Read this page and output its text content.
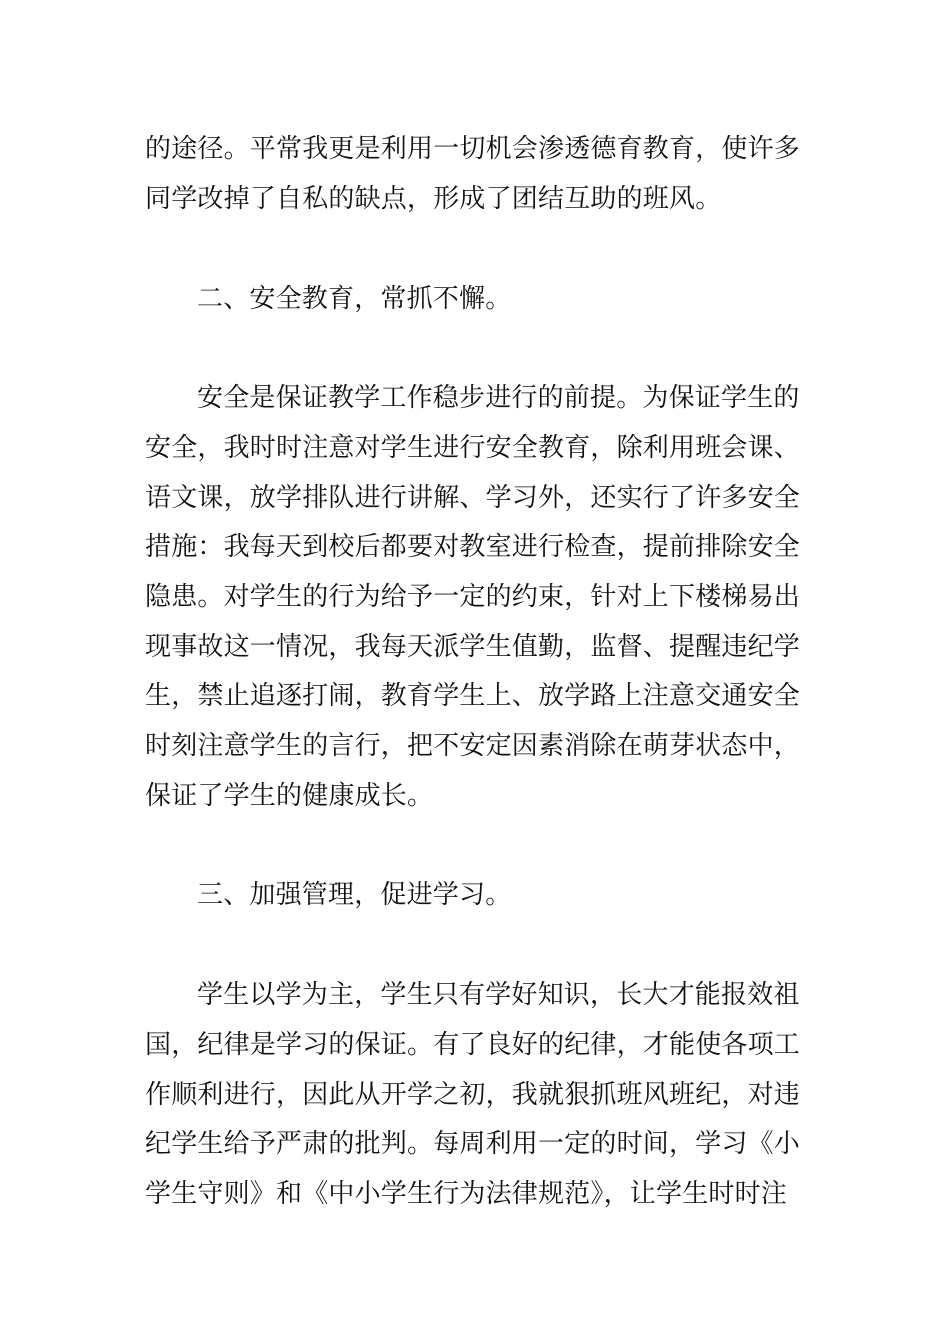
的途径。平常我更是利用一切机会渗透德育教育，使许多
同学改掉了自私的缺点，形成了团结互助的班风。
二、安全教育，常抓不懈。
安全是保证教学工作稳步进行的前提。为保证学生的
安全，我时时注意对学生进行安全教育，除利用班会课、
语文课，放学排队进行讲解、学习外，还实行了许多安全
措施：我每天到校后都要对教室进行检查，提前排除安全
隐患。对学生的行为给予一定的约束，针对上下楼梯易出
现事故这一情况，我每天派学生值勤，监督、提醒违纪学
生，禁止追逐打闹，教育学生上、放学路上注意交通安全
时刻注意学生的言行，把不安定因素消除在萌芽状态中，
保证了学生的健康成长。
三、加强管理，促进学习。
学生以学为主，学生只有学好知识，长大才能报效祖
国，纪律是学习的保证。有了良好的纪律，才能使各项工
作顺利进行，因此从开学之初，我就狠抓班风班纪，对违
纪学生给予严肃的批判。每周利用一定的时间，学习《小
学生守则》和《中小学生行为法律规范》，让学生时时注
